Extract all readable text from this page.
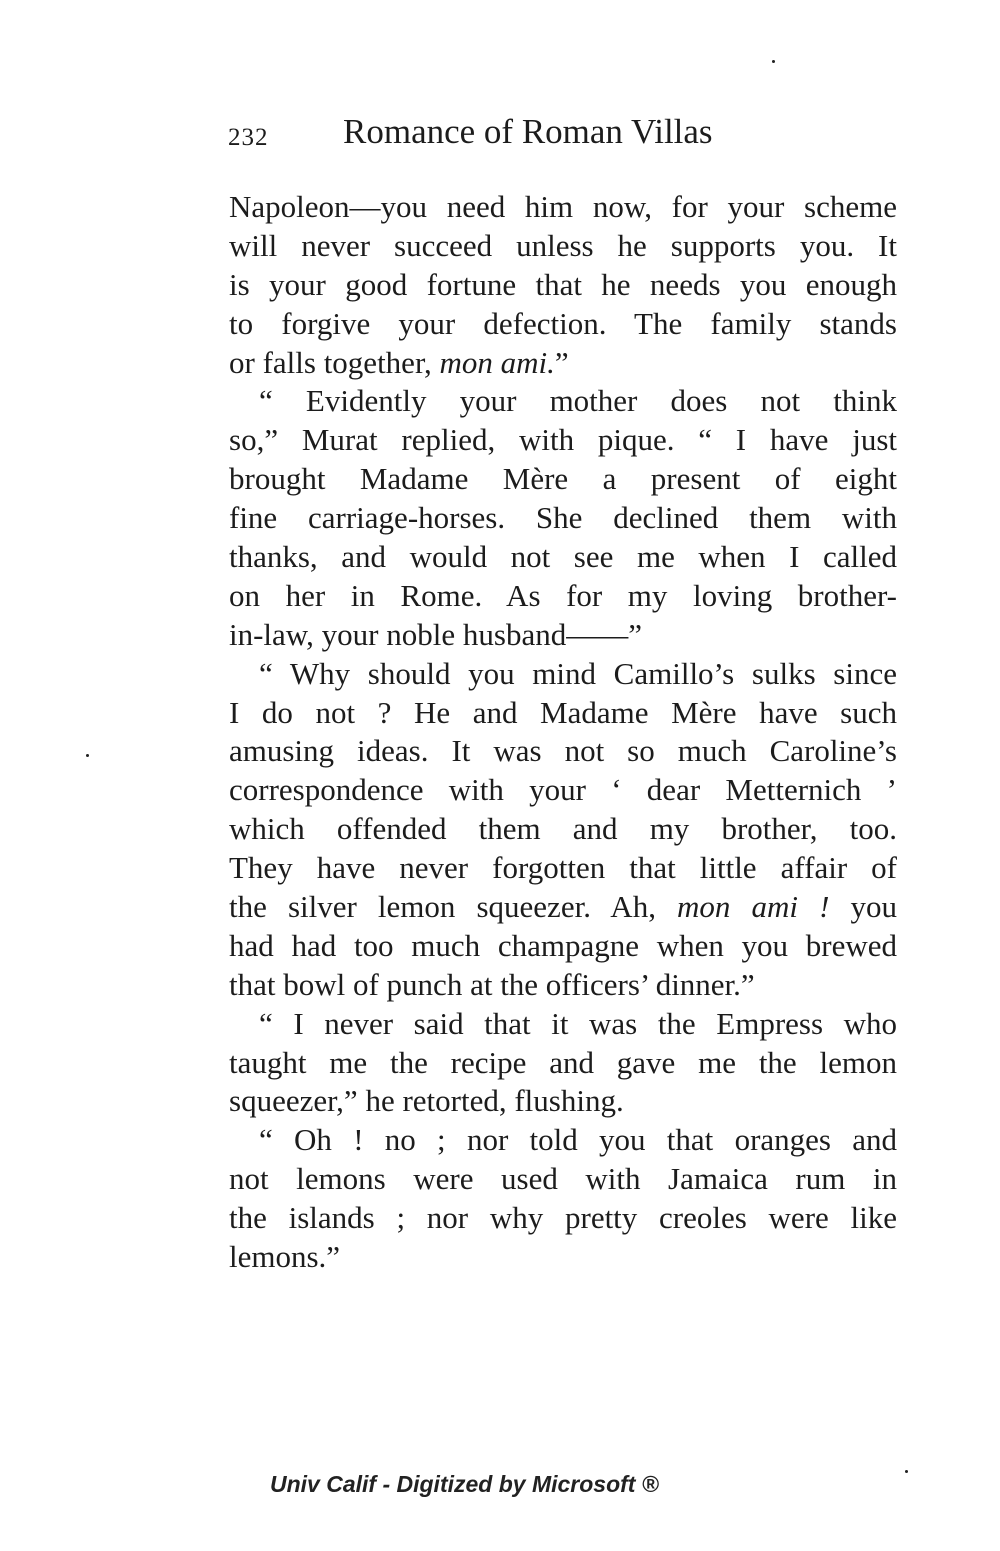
232 Romance of Roman Villas
Napoleon—you need him now, for your scheme
will never succeed unless he supports you. It
is your good fortune that he needs you enough
to forgive your defection. The family stands
or falls together, mon ami.”
“ Evidently your mother does not think
so,” Murat replied, with pique. “ I have just
brought Madame Mère a present of eight
fine carriage-horses. She declined them with
thanks, and would not see me when I called
on her in Rome. As for my loving brother-
in-law, your noble husband——”
“ Why should you mind Camillo’s sulks since
I do not ? He and Madame Mère have such
amusing ideas. It was not so much Caroline’s
correspondence with your ‘ dear Metternich ’
which offended them and my brother, too.
They have never forgotten that little affair of
the silver lemon squeezer. Ah, mon ami ! you
had had too much champagne when you brewed
that bowl of punch at the officers’ dinner.”
“ I never said that it was the Empress who
taught me the recipe and gave me the lemon
squeezer,” he retorted, flushing.
“ Oh ! no ; nor told you that oranges and
not lemons were used with Jamaica rum in
the islands ; nor why pretty creoles were like
lemons.”
Univ Calif - Digitized by Microsoft ®
